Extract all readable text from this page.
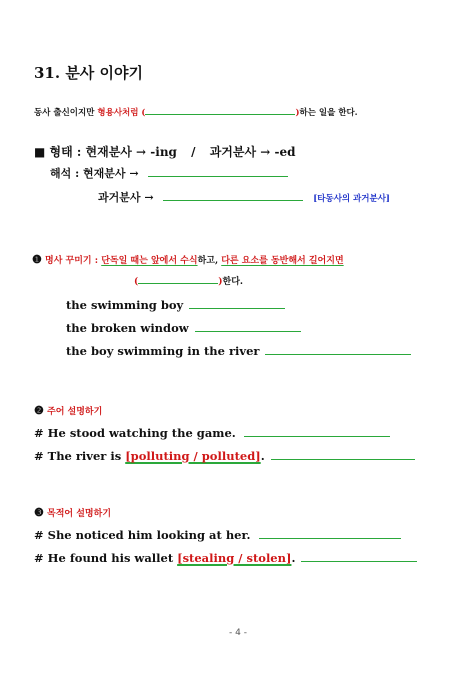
31. 분사 이야기
동사 출신이지만 형용사처럼 (	)하는 일을 한다.
■ 형태 : 현재분사 → -ing / 과거분사 → -ed
해석 : 현재분사 →
과거분사 →	[타동사의 과거분사]
❶ 명사 꾸미기 : 단독일 때는 앞에서 수식하고, 다른 요소를 동반해서 길어지면
(	)한다.
the swimming boy
the broken window
the boy swimming in the river
❷ 주어 설명하기
# He stood watching the game.
# The river is [polluting / polluted].
❸ 목적어 설명하기
# She noticed him looking at her.
# He found his wallet [stealing / stolen].
- 4 -
